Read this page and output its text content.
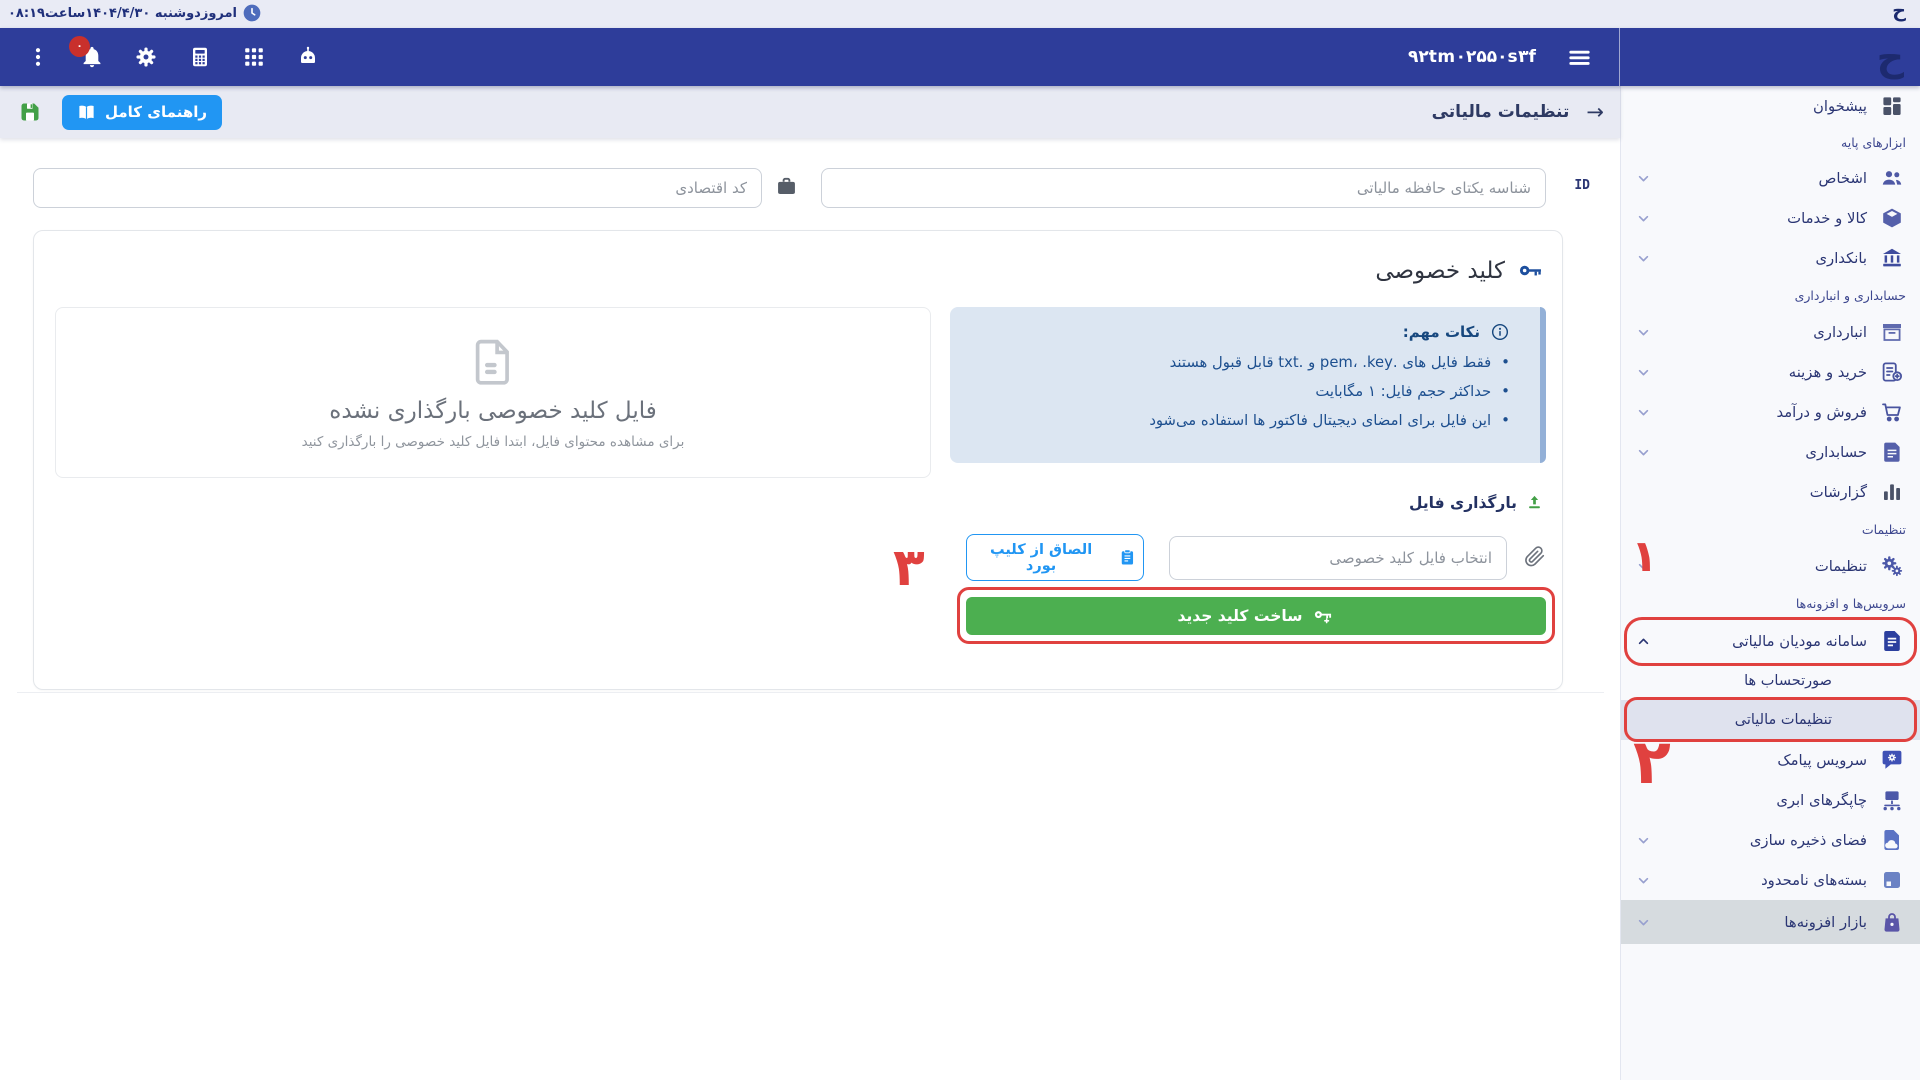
امروزدوشنبه ۱۴۰۴/۴/۳۰ساعت۰۸:۱۹	ح
۰
۹۲tm۰۲۵۵۰s۳f	ح
راهنمای کامل	→
تنظیمات مالیاتی
ID
شناسه یکتای حافظه مالیاتی
کد اقتصادی
کلید خصوصی
نکات مهم:
•
فقط فایل های .pem، .key و .txt قابل قبول هستند
•
حداکثر حجم فایل: ۱ مگابایت
•
این فایل برای امضای دیجیتال فاکتور ها استفاده می‌شود
فایل کلید خصوصی بارگذاری نشده
برای مشاهده محتوای فایل، ابتدا فایل کلید خصوصی را بارگذاری کنید
بارگذاری فایل
انتخاب فایل کلید خصوصی
الصاق از کلیپ بورد
ساخت کلید جدید
۳
پیشخوان
ابزارهای پایه
اشخاص
کالا و خدمات
بانکداری
حسابداری و انبارداری
انبارداری
خرید و هزینه
فروش و درآمد
حسابداری
گزارشات
تنظیمات
تنظیمات
سرویس‌ها و افزونه‌ها
سامانه مودیان مالیاتی
صورتحساب ها
تنظیمات مالیاتی
سرویس پیامک
چاپگرهای ابری
فضای ذخیره سازی
بسته‌های نامحدود
بازار افزونه‌ها
۱
۲
